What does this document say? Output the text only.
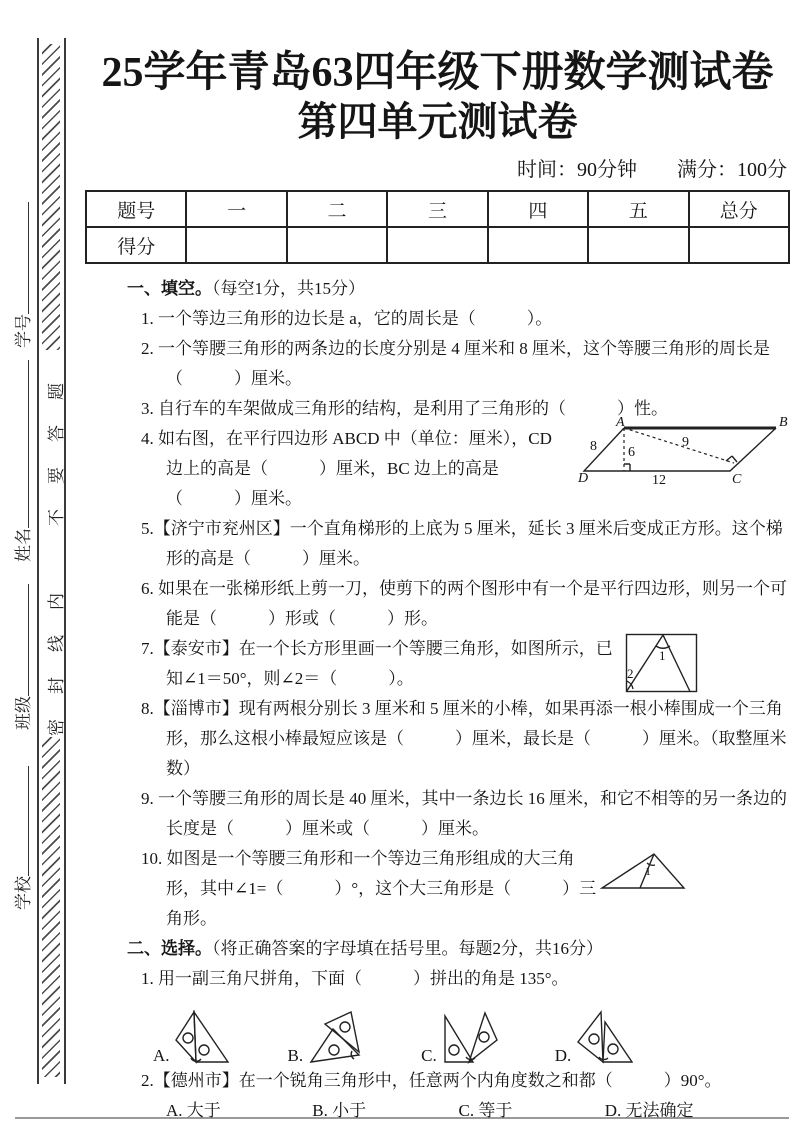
密封线内　不要答题
学号
姓名
班级
学校
25学年青岛63四年级下册数学测试卷
第四单元测试卷
时间：90分钟　　满分：100分
题号	一	二	三	四	五	总分
得分						
一、填空。（每空1分，共15分）
1. 一个等边三角形的边长是 a，它的周长是（　　　）。
2. 一个等腰三角形的两条边的长度分别是 4 厘米和 8 厘米，这个等腰三角形的周长是（　　　）厘米。
3. 自行车的车架做成三角形的结构，是利用了三角形的（　　　）性。
4. 如右图，在平行四边形 ABCD 中（单位：厘米），CD 边上的高是（　　　）厘米，BC 边上的高是（　　　）厘米。
A	B
C
D
8 6
9
12
5.【济宁市兖州区】一个直角梯形的上底为 5 厘米，延长 3 厘米后变成正方形。这个梯形的高是（　　　）厘米。
6. 如果在一张梯形纸上剪一刀，使剪下的两个图形中有一个是平行四边形，则另一个可能是（　　　）形或（　　　）形。
7.【泰安市】在一个长方形里画一个等腰三角形，如图所示，已知∠1＝50°，则∠2＝（　　　）。
1
2
8.【淄博市】现有两根分别长 3 厘米和 5 厘米的小棒，如果再添一根小棒围成一个三角形，那么这根小棒最短应该是（　　　）厘米，最长是（　　　）厘米。（取整厘米数）
9. 一个等腰三角形的周长是 40 厘米，其中一条边长 16 厘米，和它不相等的另一条边的长度是（　　　）厘米或（　　　）厘米。
10. 如图是一个等腰三角形和一个等边三角形组成的大三角形，其中∠1=（　　　）°，这个大三角形是（　　　）三角形。
1
二、选择。（将正确答案的字母填在括号里。每题2分，共16分）
1. 用一副三角尺拼角，下面（　　　）拼出的角是 135°。
A.	B.	C.	D.
2.【德州市】在一个锐角三角形中，任意两个内角度数之和都（　　　）90°。
A. 大于	B. 小于	C. 等于	D. 无法确定
